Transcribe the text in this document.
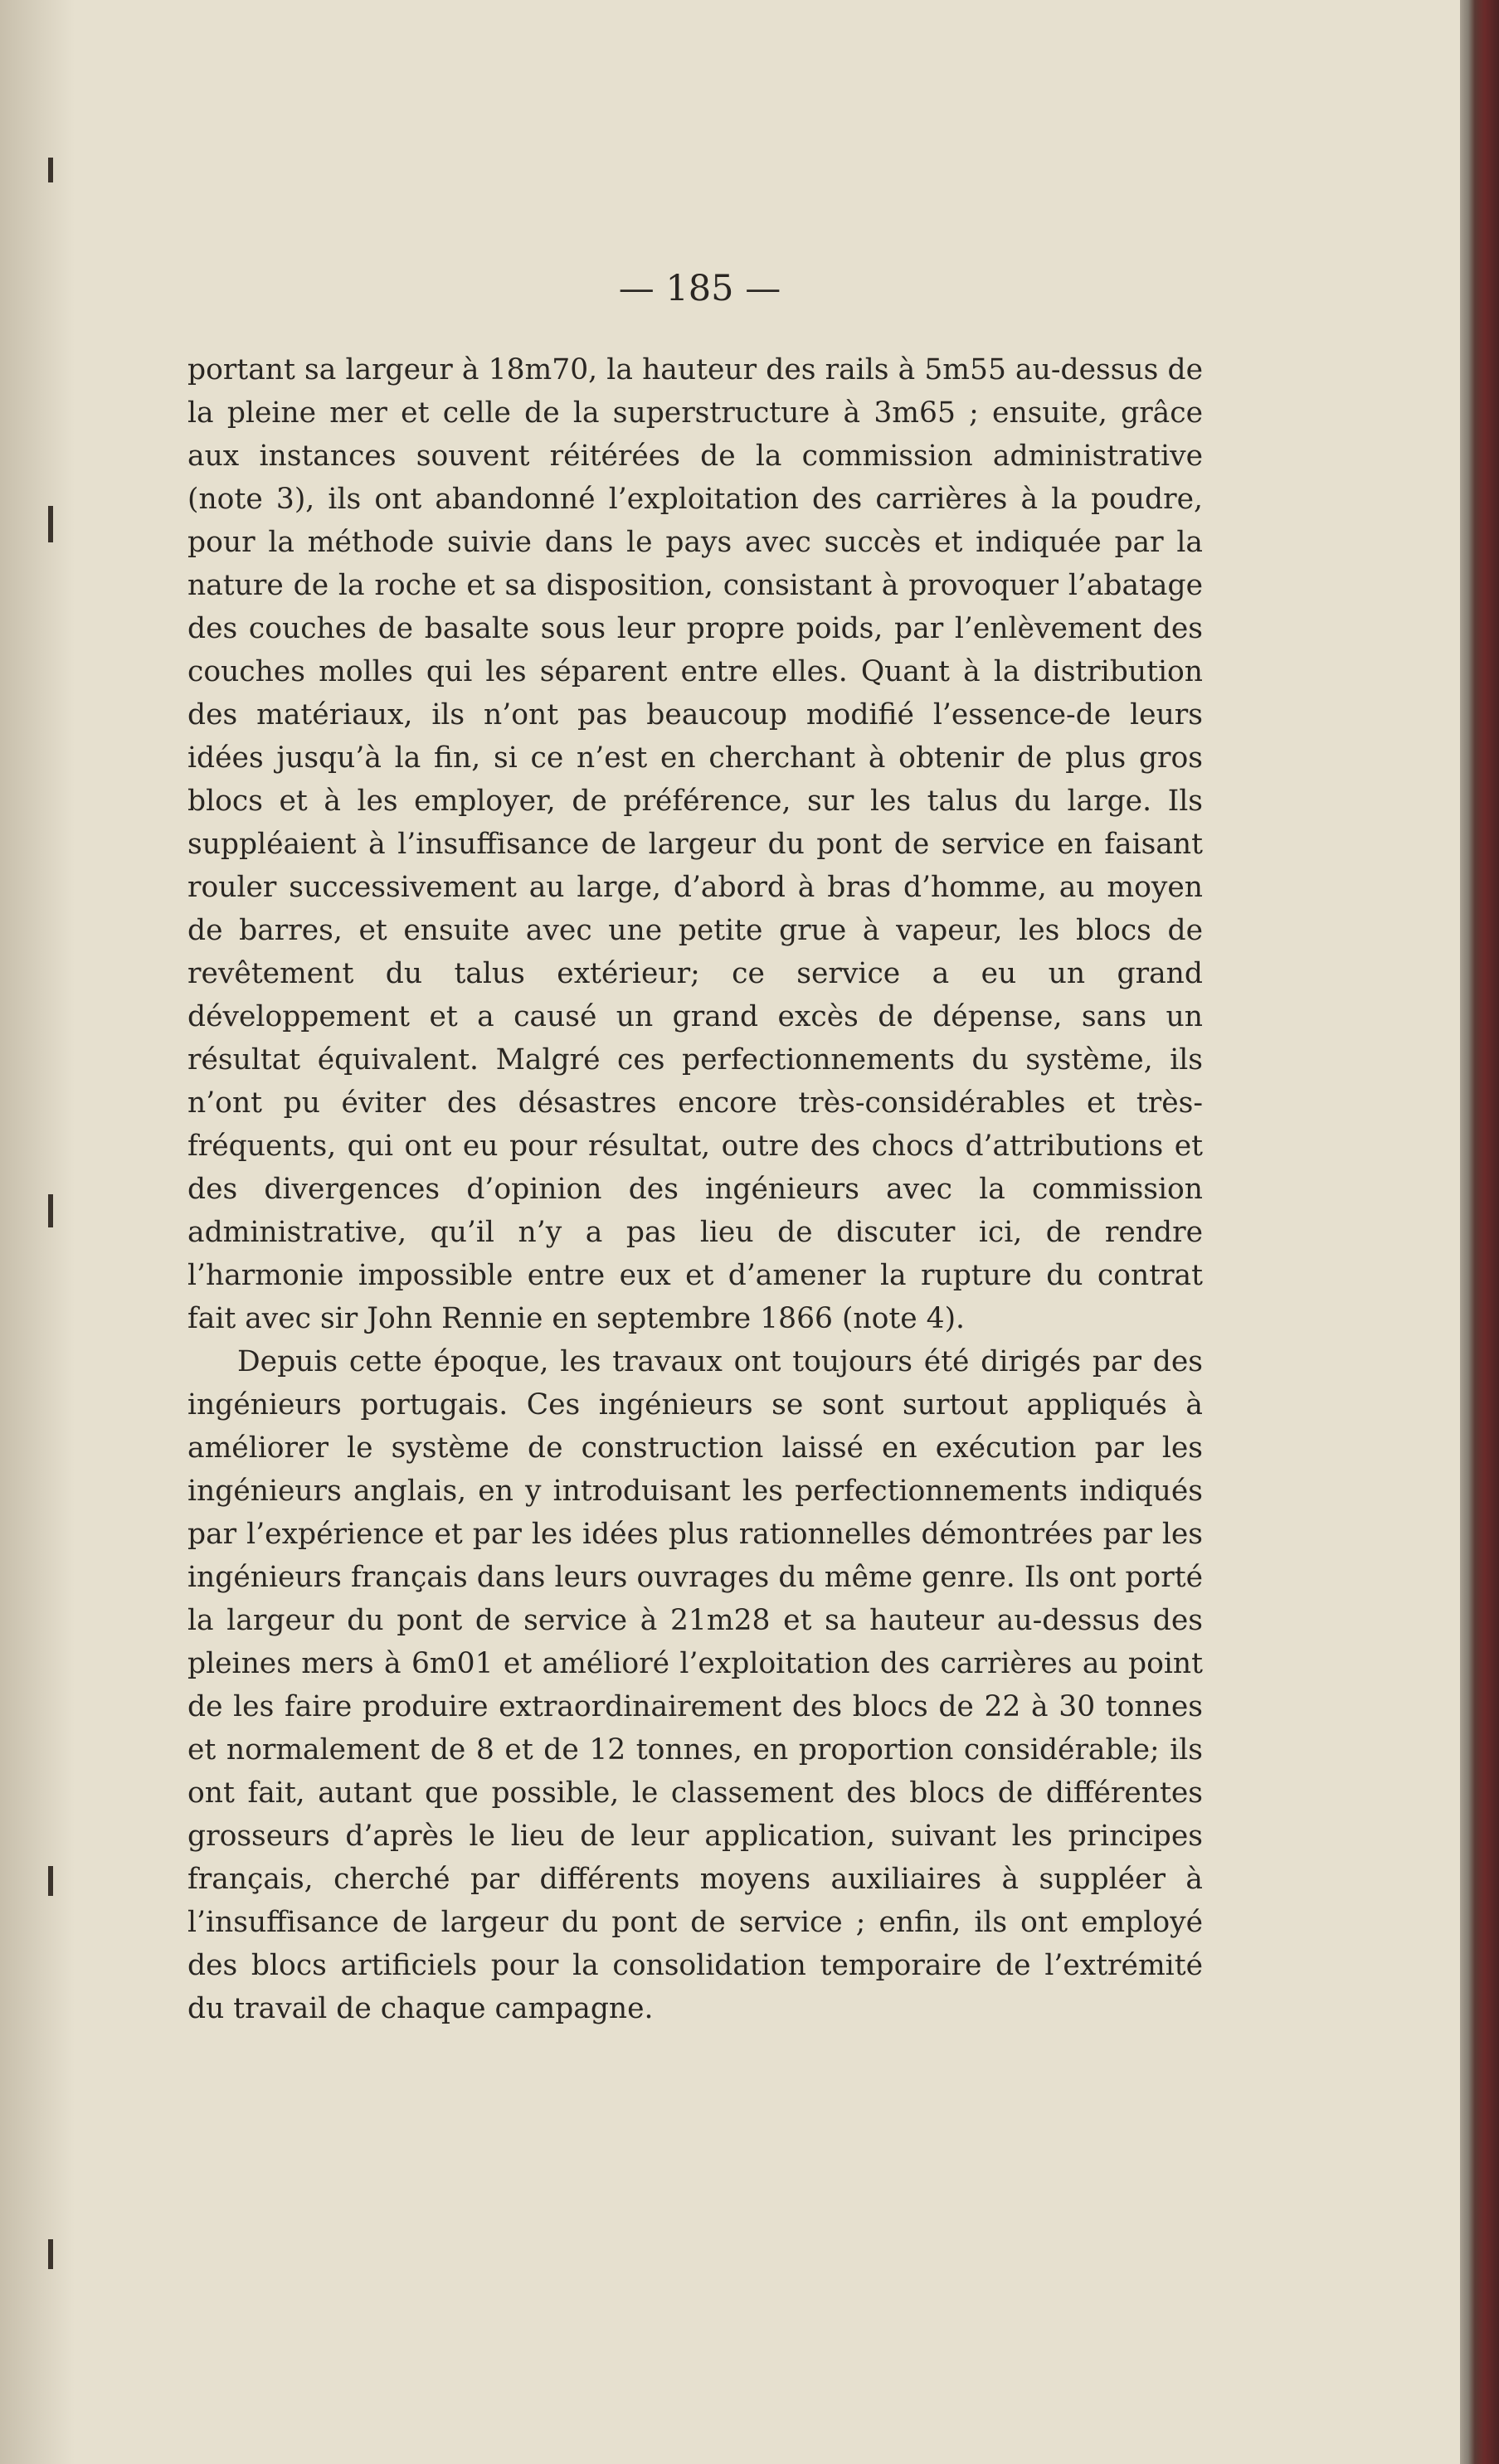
— 185 —

portant sa largeur à 18m70, la hauteur des rails à 5m55 au-dessus de la pleine mer et celle de la superstructure à 3m65 ; ensuite, grâce aux instances souvent réitérées de la commission administrative (note 3), ils ont abandonné l’exploitation des carrières à la poudre, pour la méthode suivie dans le pays avec succès et indiquée par la nature de la roche et sa disposition, consistant à provoquer l’abatage des couches de basalte sous leur propre poids, par l’enlèvement des couches molles qui les séparent entre elles. Quant à la distribution des matériaux, ils n’ont pas beaucoup modifié l’essence-de leurs idées jusqu’à la fin, si ce n’est en cherchant à obtenir de plus gros blocs et à les employer, de préférence, sur les talus du large. Ils suppléaient à l’insuffisance de largeur du pont de service en faisant rouler successivement au large, d’abord à bras d’homme, au moyen de barres, et ensuite avec une petite grue à vapeur, les blocs de revêtement du talus extérieur; ce service a eu un grand développement et a causé un grand excès de dépense, sans un résultat équivalent. Malgré ces perfectionnements du système, ils n’ont pu éviter des désastres encore très-considérables et très-fréquents, qui ont eu pour résultat, outre des chocs d’attributions et des divergences d’opinion des ingénieurs avec la commission administrative, qu’il n’y a pas lieu de discuter ici, de rendre l’harmonie impossible entre eux et d’amener la rupture du contrat fait avec sir John Rennie en septembre 1866 (note 4).

Depuis cette époque, les travaux ont toujours été dirigés par des ingénieurs portugais. Ces ingénieurs se sont surtout appliqués à améliorer le système de construction laissé en exécution par les ingénieurs anglais, en y introduisant les perfectionnements indiqués par l’expérience et par les idées plus rationnelles démontrées par les ingénieurs français dans leurs ouvrages du même genre. Ils ont porté la largeur du pont de service à 21m28 et sa hauteur au-dessus des pleines mers à 6m01 et amélioré l’exploitation des carrières au point de les faire produire extraordinairement des blocs de 22 à 30 tonnes et normalement de 8 et de 12 tonnes, en proportion considérable; ils ont fait, autant que possible, le classement des blocs de différentes grosseurs d’après le lieu de leur application, suivant les principes français, cherché par différents moyens auxiliaires à suppléer à l’insuffisance de largeur du pont de service ; enfin, ils ont employé des blocs artificiels pour la consolidation temporaire de l’extrémité du travail de chaque campagne.
